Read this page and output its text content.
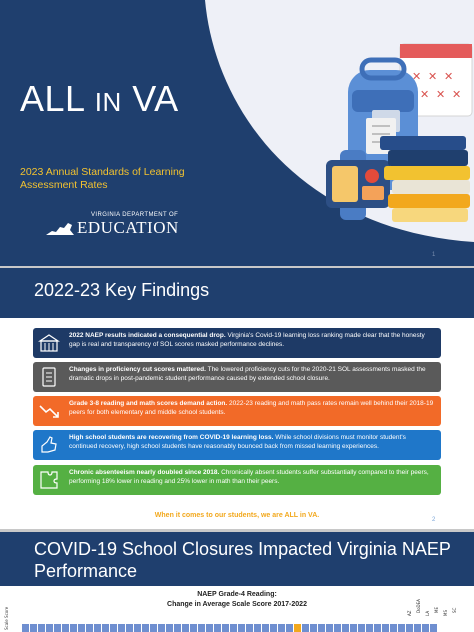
✕ ✕ ✕
✕ ✕ ✕
ALL IN VA
2023 Annual Standards of Learning Assessment Rates
VIRGINIA DEPARTMENT OF
EDUCATION
1
2022-23 Key Findings
2022 NAEP results indicated a consequential drop. Virginia's Covid-19 learning loss ranking made clear that the honesty gap is real and transparency of SOL scores masked performance declines.
Changes in proficiency cut scores mattered. The lowered proficiency cuts for the 2020-21 SOL assessments masked the dramatic drops in post-pandemic student performance caused by extended school closure.
Grade 3-8 reading and math scores demand action. 2022-23 reading and math pass rates remain well behind their 2018-19 peers for both elementary and middle school students.
High school students are recovering from COVID-19 learning loss. While school divisions must monitor student's continued recovery, high school students have reasonably bounced back from missed learning experiences.
Chronic absenteeism nearly doubled since 2018. Chronically absent students suffer substantially compared to their peers, performing 18% lower in reading and 25% lower in math than their peers.
When it comes to our students, we are ALL in VA.
2
COVID-19 School Closures Impacted Virginia NAEP Performance
NAEP Grade-4 Reading:
Change in Average Scale Score 2017-2022
Scale Score	AZ
DoDEA
LA
ME MS SC
